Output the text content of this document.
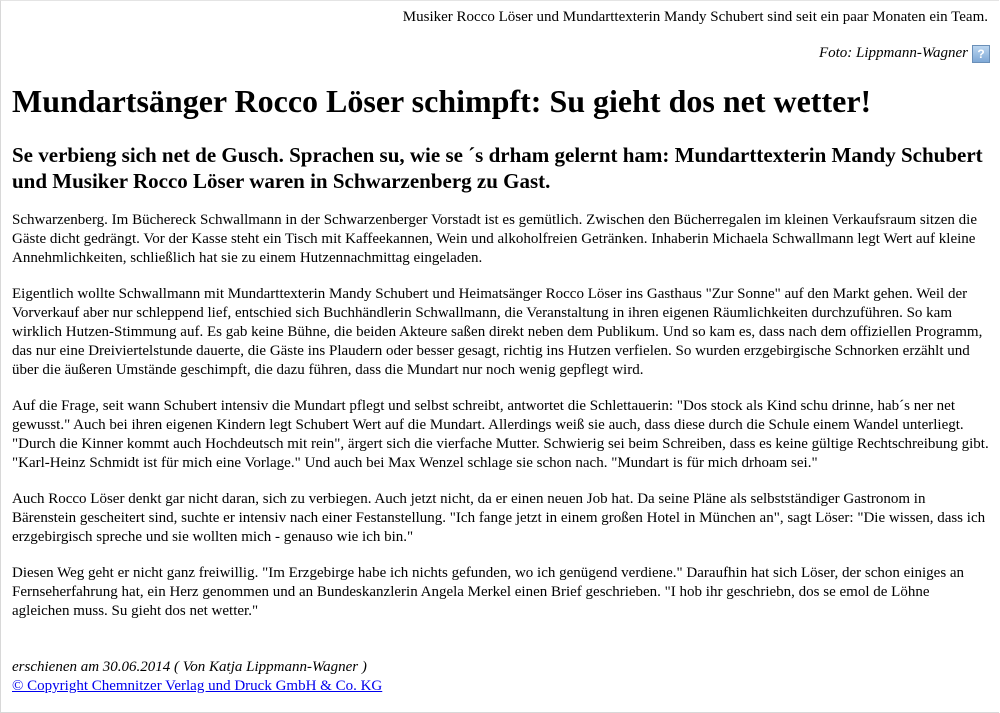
Musiker Rocco Löser und Mundarttexterin Mandy Schubert sind seit ein paar Monaten ein Team.
Foto: Lippmann-Wagner ?
Mundartsänger Rocco Löser schimpft: Su gieht dos net wetter!
Se verbieng sich net de Gusch. Sprachen su, wie se ´s drham gelernt ham: Mundarttexterin Mandy Schubert und Musiker Rocco Löser waren in Schwarzenberg zu Gast.

Schwarzenberg. Im Büchereck Schwallmann in der Schwarzenberger Vorstadt ist es gemütlich. Zwischen den Bücherregalen im kleinen Verkaufsraum sitzen die Gäste dicht gedrängt. Vor der Kasse steht ein Tisch mit Kaffeekannen, Wein und alkoholfreien Getränken. Inhaberin Michaela Schwallmann legt Wert auf kleine Annehmlichkeiten, schließlich hat sie zu einem Hutzennachmittag eingeladen.

Eigentlich wollte Schwallmann mit Mundarttexterin Mandy Schubert und Heimatsänger Rocco Löser ins Gasthaus "Zur Sonne" auf den Markt gehen. Weil der Vorverkauf aber nur schleppend lief, entschied sich Buchhändlerin Schwallmann, die Veranstaltung in ihren eigenen Räumlichkeiten durchzuführen. So kam wirklich Hutzen-Stimmung auf. Es gab keine Bühne, die beiden Akteure saßen direkt neben dem Publikum. Und so kam es, dass nach dem offiziellen Programm, das nur eine Dreiviertelstunde dauerte, die Gäste ins Plaudern oder besser gesagt, richtig ins Hutzen verfielen. So wurden erzgebirgische Schnorken erzählt und über die äußeren Umstände geschimpft, die dazu führen, dass die Mundart nur noch wenig gepflegt wird.

Auf die Frage, seit wann Schubert intensiv die Mundart pflegt und selbst schreibt, antwortet die Schlettauerin: "Dos stock als Kind schu drinne, hab´s ner net gewusst." Auch bei ihren eigenen Kindern legt Schubert Wert auf die Mundart. Allerdings weiß sie auch, dass diese durch die Schule einem Wandel unterliegt. "Durch die Kinner kommt auch Hochdeutsch mit rein", ärgert sich die vierfache Mutter. Schwierig sei beim Schreiben, dass es keine gültige Rechtschreibung gibt. "Karl-Heinz Schmidt ist für mich eine Vorlage." Und auch bei Max Wenzel schlage sie schon nach. "Mundart is für mich drhoam sei."

Auch Rocco Löser denkt gar nicht daran, sich zu verbiegen. Auch jetzt nicht, da er einen neuen Job hat. Da seine Pläne als selbstständiger Gastronom in Bärenstein gescheitert sind, suchte er intensiv nach einer Festanstellung. "Ich fange jetzt in einem großen Hotel in München an", sagt Löser: "Die wissen, dass ich erzgebirgisch spreche und sie wollten mich - genauso wie ich bin."

Diesen Weg geht er nicht ganz freiwillig. "Im Erzgebirge habe ich nichts gefunden, wo ich genügend verdiene." Daraufhin hat sich Löser, der schon einiges an Fernseherfahrung hat, ein Herz genommen und an Bundeskanzlerin Angela Merkel einen Brief geschrieben. "I hob ihr geschriebn, dos se emol de Löhne agleichen muss. Su gieht dos net wetter."

erschienen am 30.06.2014 ( Von Katja Lippmann-Wagner )
© Copyright Chemnitzer Verlag und Druck GmbH & Co. KG
